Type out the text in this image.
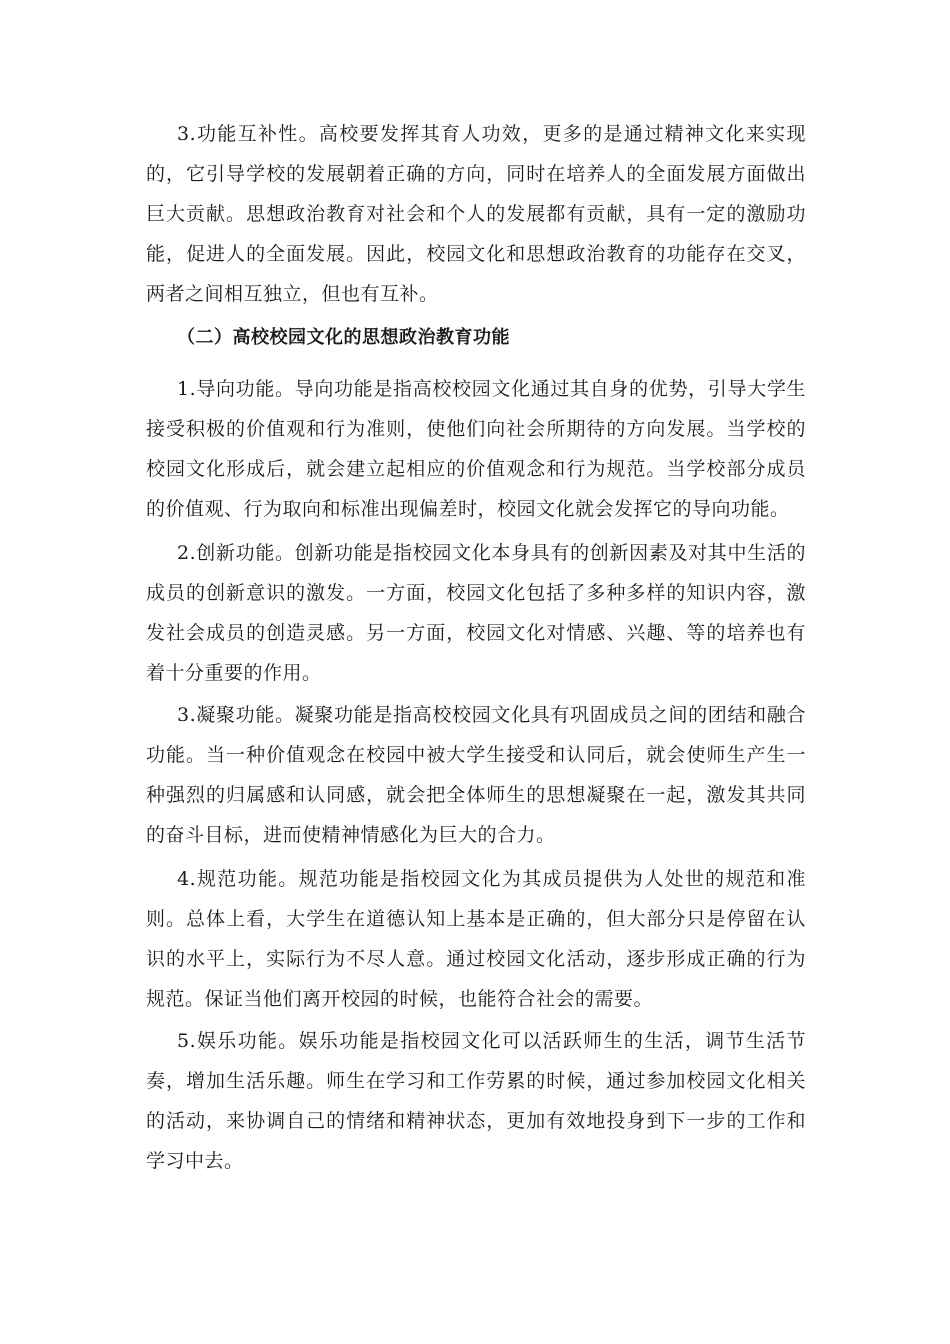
3.功能互补性。高校要发挥其育人功效，更多的是通过精神文化来实现的，它引导学校的发展朝着正确的方向，同时在培养人的全面发展方面做出巨大贡献。思想政治教育对社会和个人的发展都有贡献，具有一定的激励功能，促进人的全面发展。因此，校园文化和思想政治教育的功能存在交叉，两者之间相互独立，但也有互补。

（二）高校校园文化的思想政治教育功能

1.导向功能。导向功能是指高校校园文化通过其自身的优势，引导大学生接受积极的价值观和行为准则，使他们向社会所期待的方向发展。当学校的校园文化形成后，就会建立起相应的价值观念和行为规范。当学校部分成员的价值观、行为取向和标准出现偏差时，校园文化就会发挥它的导向功能。

2.创新功能。创新功能是指校园文化本身具有的创新因素及对其中生活的成员的创新意识的激发。一方面，校园文化包括了多种多样的知识内容，激发社会成员的创造灵感。另一方面，校园文化对情感、兴趣、等的培养也有着十分重要的作用。

3.凝聚功能。凝聚功能是指高校校园文化具有巩固成员之间的团结和融合功能。当一种价值观念在校园中被大学生接受和认同后，就会使师生产生一种强烈的归属感和认同感，就会把全体师生的思想凝聚在一起，激发其共同的奋斗目标，进而使精神情感化为巨大的合力。

4.规范功能。规范功能是指校园文化为其成员提供为人处世的规范和准则。总体上看，大学生在道德认知上基本是正确的，但大部分只是停留在认识的水平上，实际行为不尽人意。通过校园文化活动，逐步形成正确的行为规范。保证当他们离开校园的时候，也能符合社会的需要。

5.娱乐功能。娱乐功能是指校园文化可以活跃师生的生活，调节生活节奏，增加生活乐趣。师生在学习和工作劳累的时候，通过参加校园文化相关的活动，来协调自己的情绪和精神状态，更加有效地投身到下一步的工作和学习中去。
